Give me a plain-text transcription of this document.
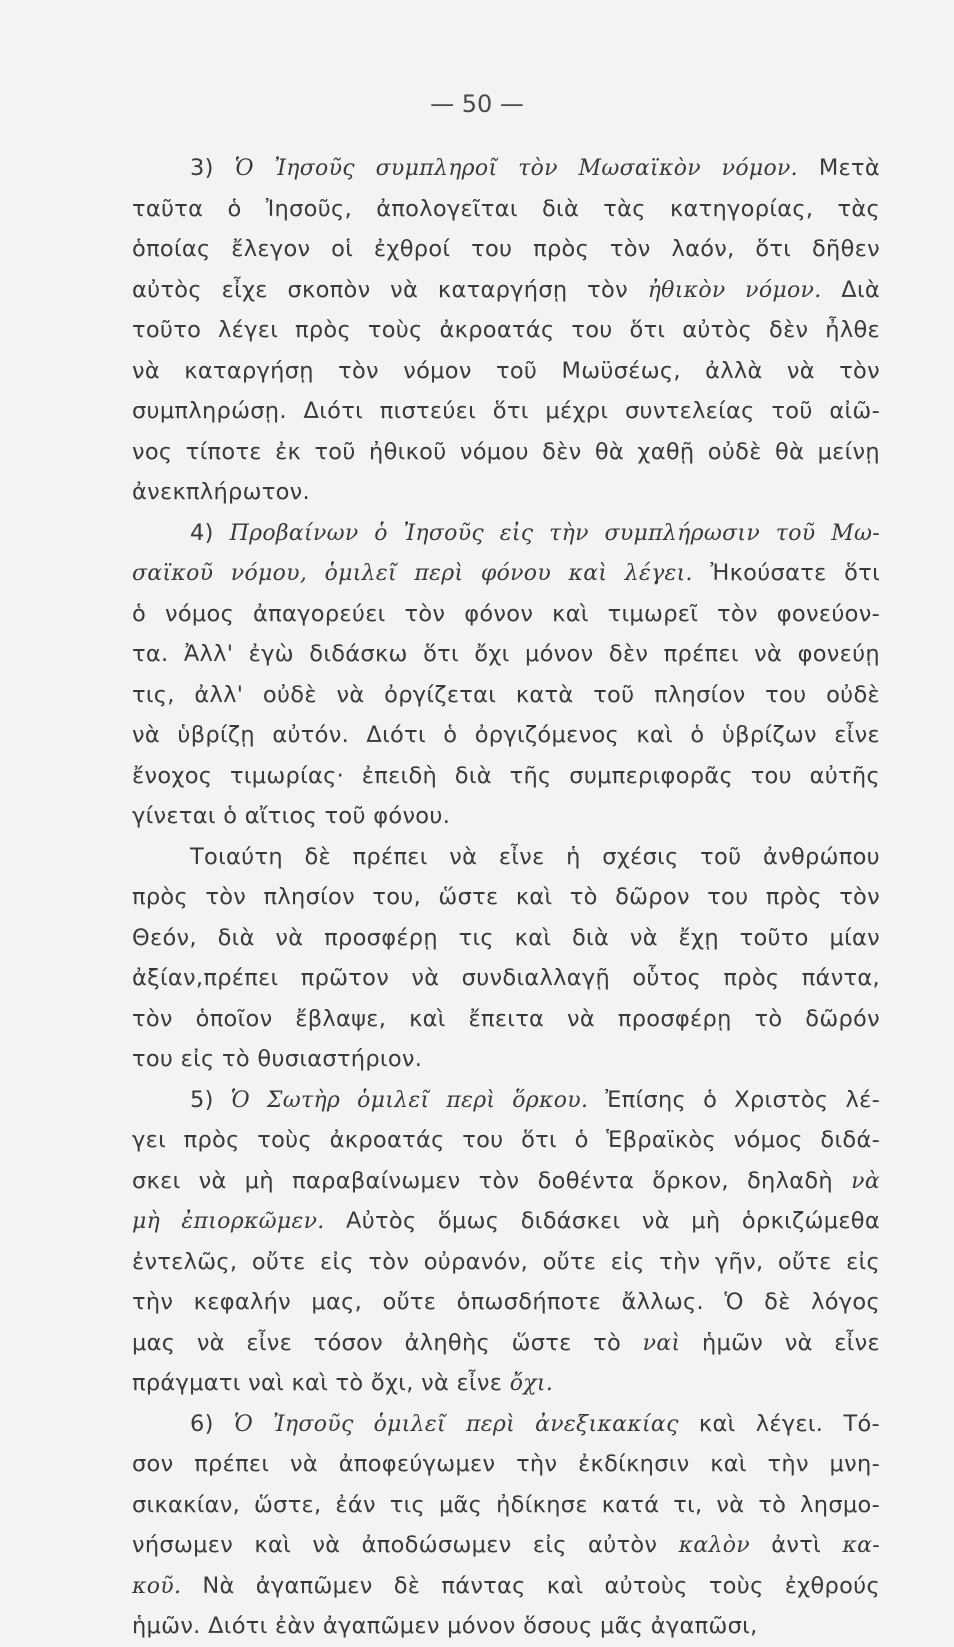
— 50 —
3) Ὁ Ἰησοῦς συμπληροῖ τὸν Μωσαϊκὸν νόμον. Μετὰ
ταῦτα ὁ Ἰησοῦς, ἀπολογεῖται διὰ τὰς κατηγορίας, τὰς
ὁποίας ἔλεγον οἱ ἐχθροί του πρὸς τὸν λαόν, ὅτι δῆθεν
αὐτὸς εἶχε σκοπὸν νὰ καταργήσῃ τὸν ἠθικὸν νόμον. Διὰ
τοῦτο λέγει πρὸς τοὺς ἀκροατάς του ὅτι αὐτὸς δὲν ἦλθε
νὰ καταργήσῃ τὸν νόμον τοῦ Μωϋσέως, ἀλλὰ νὰ τὸν
συμπληρώσῃ. Διότι πιστεύει ὅτι μέχρι συντελείας τοῦ αἰῶ-
νος τίποτε ἐκ τοῦ ἠθικοῦ νόμου δὲν θὰ χαθῇ οὐδὲ θὰ μείνῃ
ἀνεκπλήρωτον.
4) Προβαίνων ὁ Ἰησοῦς εἰς τὴν συμπλήρωσιν τοῦ Μω-
σαϊκοῦ νόμου, ὁμιλεῖ περὶ φόνου καὶ λέγει. Ἠκούσατε ὅτι
ὁ νόμος ἀπαγορεύει τὸν φόνον καὶ τιμωρεῖ τὸν φονεύον-
τα. Ἀλλ' ἐγὼ διδάσκω ὅτι ὄχι μόνον δὲν πρέπει νὰ φονεύῃ
τις, ἀλλ' οὐδὲ νὰ ὀργίζεται κατὰ τοῦ πλησίον του οὐδὲ
νὰ ὑβρίζῃ αὐτόν. Διότι ὁ ὀργιζόμενος καὶ ὁ ὑβρίζων εἶνε
ἔνοχος τιμωρίας· ἐπειδὴ διὰ τῆς συμπεριφορᾶς του αὐτῆς
γίνεται ὁ αἴτιος τοῦ φόνου.
Τοιαύτη δὲ πρέπει νὰ εἶνε ἡ σχέσις τοῦ ἀνθρώπου
πρὸς τὸν πλησίον του, ὥστε καὶ τὸ δῶρον του πρὸς τὸν
Θεόν, διὰ νὰ προσφέρῃ τις καὶ διὰ νὰ ἔχῃ τοῦτο μίαν
ἀξίαν,πρέπει πρῶτον νὰ συνδιαλλαγῇ οὗτος πρὸς πάντα,
τὸν ὁποῖον ἔβλαψε, καὶ ἔπειτα νὰ προσφέρῃ τὸ δῶρόν
του εἰς τὸ θυσιαστήριον.
5) Ὁ Σωτὴρ ὁμιλεῖ περὶ ὅρκου. Ἐπίσης ὁ Χριστὸς λέ-
γει πρὸς τοὺς ἀκροατάς του ὅτι ὁ Ἑβραϊκὸς νόμος διδά-
σκει νὰ μὴ παραβαίνωμεν τὸν δοθέντα ὅρκον, δηλαδὴ νὰ
μὴ ἐπιορκῶμεν. Αὐτὸς ὅμως διδάσκει νὰ μὴ ὁρκιζώμεθα
ἐντελῶς, οὔτε εἰς τὸν οὐρανόν, οὔτε εἰς τὴν γῆν, οὔτε εἰς
τὴν κεφαλήν μας, οὔτε ὁπωσδήποτε ἄλλως. Ὁ δὲ λόγος
μας νὰ εἶνε τόσον ἀληθὴς ὥστε τὸ ναὶ ἡμῶν νὰ εἶνε
πράγματι ναὶ καὶ τὸ ὄχι, νὰ εἶνε ὄχι.
6) Ὁ Ἰησοῦς ὁμιλεῖ περὶ ἀνεξικακίας καὶ λέγει. Τό-
σον πρέπει νὰ ἀποφεύγωμεν τὴν ἐκδίκησιν καὶ τὴν μνη-
σικακίαν, ὥστε, ἐάν τις μᾶς ἠδίκησε κατά τι, νὰ τὸ λησμο-
νήσωμεν καὶ νὰ ἀποδώσωμεν εἰς αὐτὸν καλὸν ἀντὶ κα-
κοῦ. Νὰ ἀγαπῶμεν δὲ πάντας καὶ αὐτοὺς τοὺς ἐχθρούς
ἡμῶν. Διότι ἐὰν ἀγαπῶμεν μόνον ὅσους μᾶς ἀγαπῶσι,
